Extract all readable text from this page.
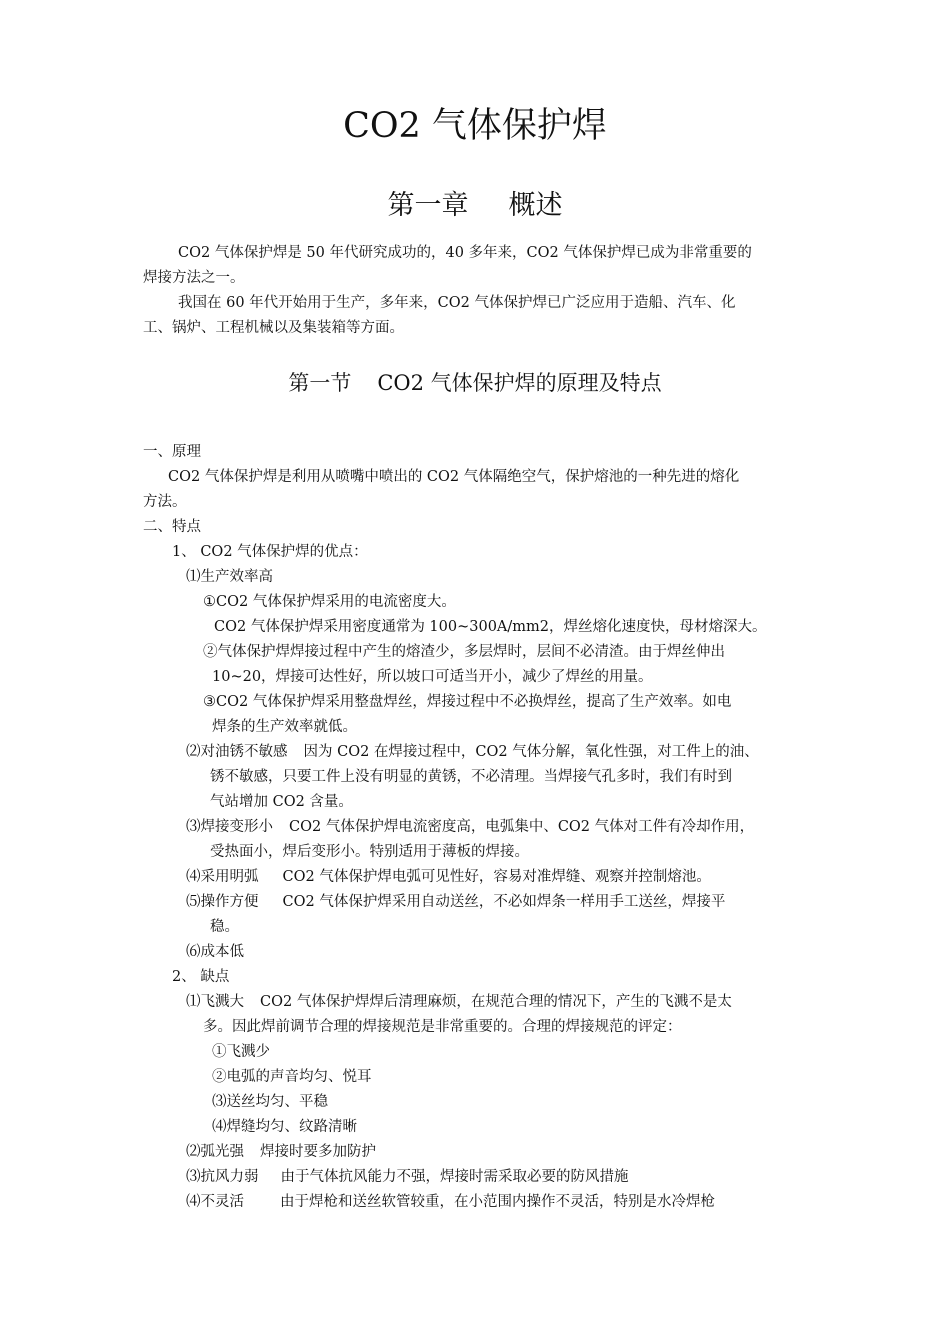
CO2 气体保护焊
第一章 概述
CO2 气体保护焊是 50 年代研究成功的，40 多年来，CO2 气体保护焊已成为非常重要的
焊接方法之一。
我国在 60 年代开始用于生产，多年来，CO2 气体保护焊已广泛应用于造船、汽车、化
工、锅炉、工程机械以及集装箱等方面。
第一节 CO2 气体保护焊的原理及特点
一、原理
CO2 气体保护焊是利用从喷嘴中喷出的 CO2 气体隔绝空气，保护熔池的一种先进的熔化
方法。
二、特点
1、 CO2 气体保护焊的优点：
⑴生产效率高
①CO2 气体保护焊采用的电流密度大。
CO2 气体保护焊采用密度通常为 100~300A/mm2，焊丝熔化速度快，母材熔深大。
②气体保护焊焊接过程中产生的熔渣少，多层焊时，层间不必清渣。由于焊丝伸出
10~20，焊接可达性好，所以坡口可适当开小，减少了焊丝的用量。
③CO2 气体保护焊采用整盘焊丝，焊接过程中不必换焊丝，提高了生产效率。如电
焊条的生产效率就低。
⑵对油锈不敏感 因为 CO2 在焊接过程中，CO2 气体分解，氧化性强，对工件上的油、
锈不敏感，只要工件上没有明显的黄锈，不必清理。当焊接气孔多时，我们有时到
气站增加 CO2 含量。
⑶焊接变形小 CO2 气体保护焊电流密度高，电弧集中、CO2 气体对工件有冷却作用，
受热面小，焊后变形小。特别适用于薄板的焊接。
⑷采用明弧 CO2 气体保护焊电弧可见性好，容易对准焊缝、观察并控制熔池。
⑸操作方便 CO2 气体保护焊采用自动送丝，不必如焊条一样用手工送丝，焊接平
稳。
⑹成本低
2、 缺点
⑴飞溅大 CO2 气体保护焊焊后清理麻烦，在规范合理的情况下，产生的飞溅不是太
多。因此焊前调节合理的焊接规范是非常重要的。合理的焊接规范的评定：
①飞溅少
②电弧的声音均匀、悦耳
⑶送丝均匀、平稳
⑷焊缝均匀、纹路清晰
⑵弧光强 焊接时要多加防护
⑶抗风力弱 由于气体抗风能力不强，焊接时需采取必要的防风措施
⑷不灵活 由于焊枪和送丝软管较重，在小范围内操作不灵活，特别是水冷焊枪
